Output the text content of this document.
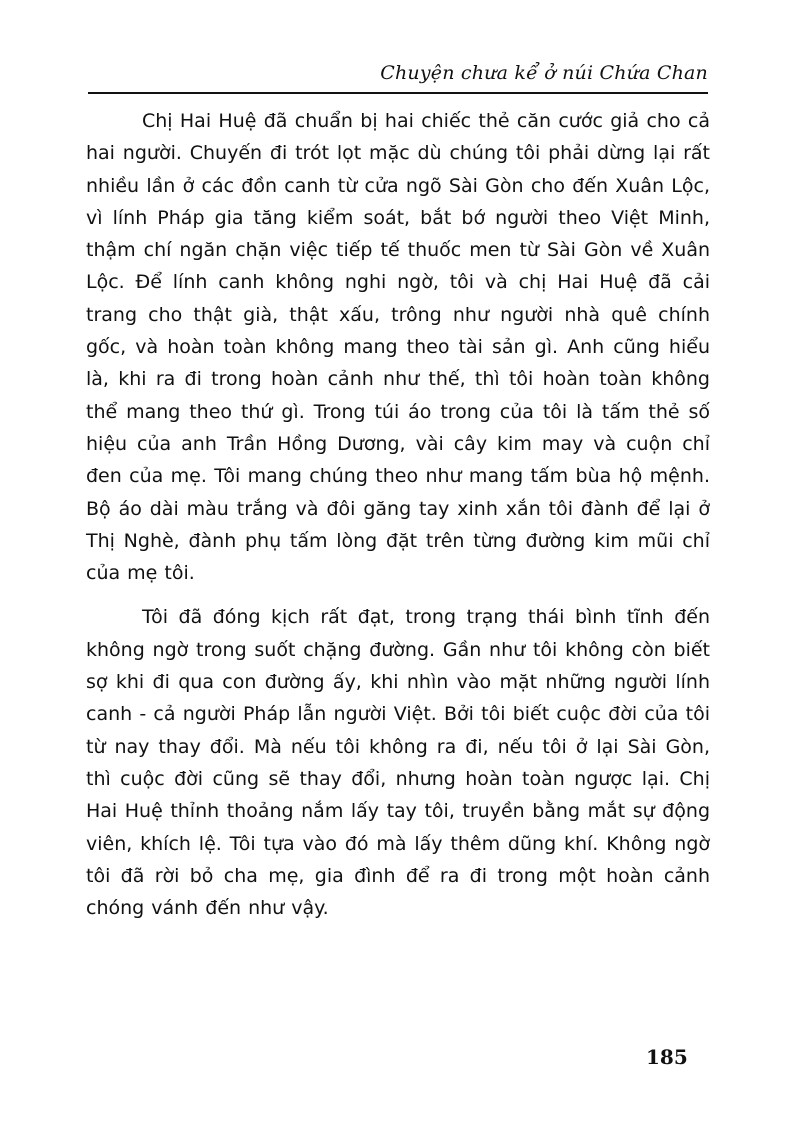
Chuyện chưa kể ở núi Chứa Chan

Chị Hai Huệ đã chuẩn bị hai chiếc thẻ căn cước giả cho cả hai người. Chuyến đi trót lọt mặc dù chúng tôi phải dừng lại rất nhiều lần ở các đồn canh từ cửa ngõ Sài Gòn cho đến Xuân Lộc, vì lính Pháp gia tăng kiểm soát, bắt bớ người theo Việt Minh, thậm chí ngăn chặn việc tiếp tế thuốc men từ Sài Gòn về Xuân Lộc. Để lính canh không nghi ngờ, tôi và chị Hai Huệ đã cải trang cho thật già, thật xấu, trông như người nhà quê chính gốc, và hoàn toàn không mang theo tài sản gì. Anh cũng hiểu là, khi ra đi trong hoàn cảnh như thế, thì tôi hoàn toàn không thể mang theo thứ gì. Trong túi áo trong của tôi là tấm thẻ số hiệu của anh Trần Hồng Dương, vài cây kim may và cuộn chỉ đen của mẹ. Tôi mang chúng theo như mang tấm bùa hộ mệnh. Bộ áo dài màu trắng và đôi găng tay xinh xắn tôi đành để lại ở Thị Nghè, đành phụ tấm lòng đặt trên từng đường kim mũi chỉ của mẹ tôi.

Tôi đã đóng kịch rất đạt, trong trạng thái bình tĩnh đến không ngờ trong suốt chặng đường. Gần như tôi không còn biết sợ khi đi qua con đường ấy, khi nhìn vào mặt những người lính canh - cả người Pháp lẫn người Việt. Bởi tôi biết cuộc đời của tôi từ nay thay đổi. Mà nếu tôi không ra đi, nếu tôi ở lại Sài Gòn, thì cuộc đời cũng sẽ thay đổi, nhưng hoàn toàn ngược lại. Chị Hai Huệ thỉnh thoảng nắm lấy tay tôi, truyền bằng mắt sự động viên, khích lệ. Tôi tựa vào đó mà lấy thêm dũng khí. Không ngờ tôi đã rời bỏ cha mẹ, gia đình để ra đi trong một hoàn cảnh chóng vánh đến như vậy.

185
